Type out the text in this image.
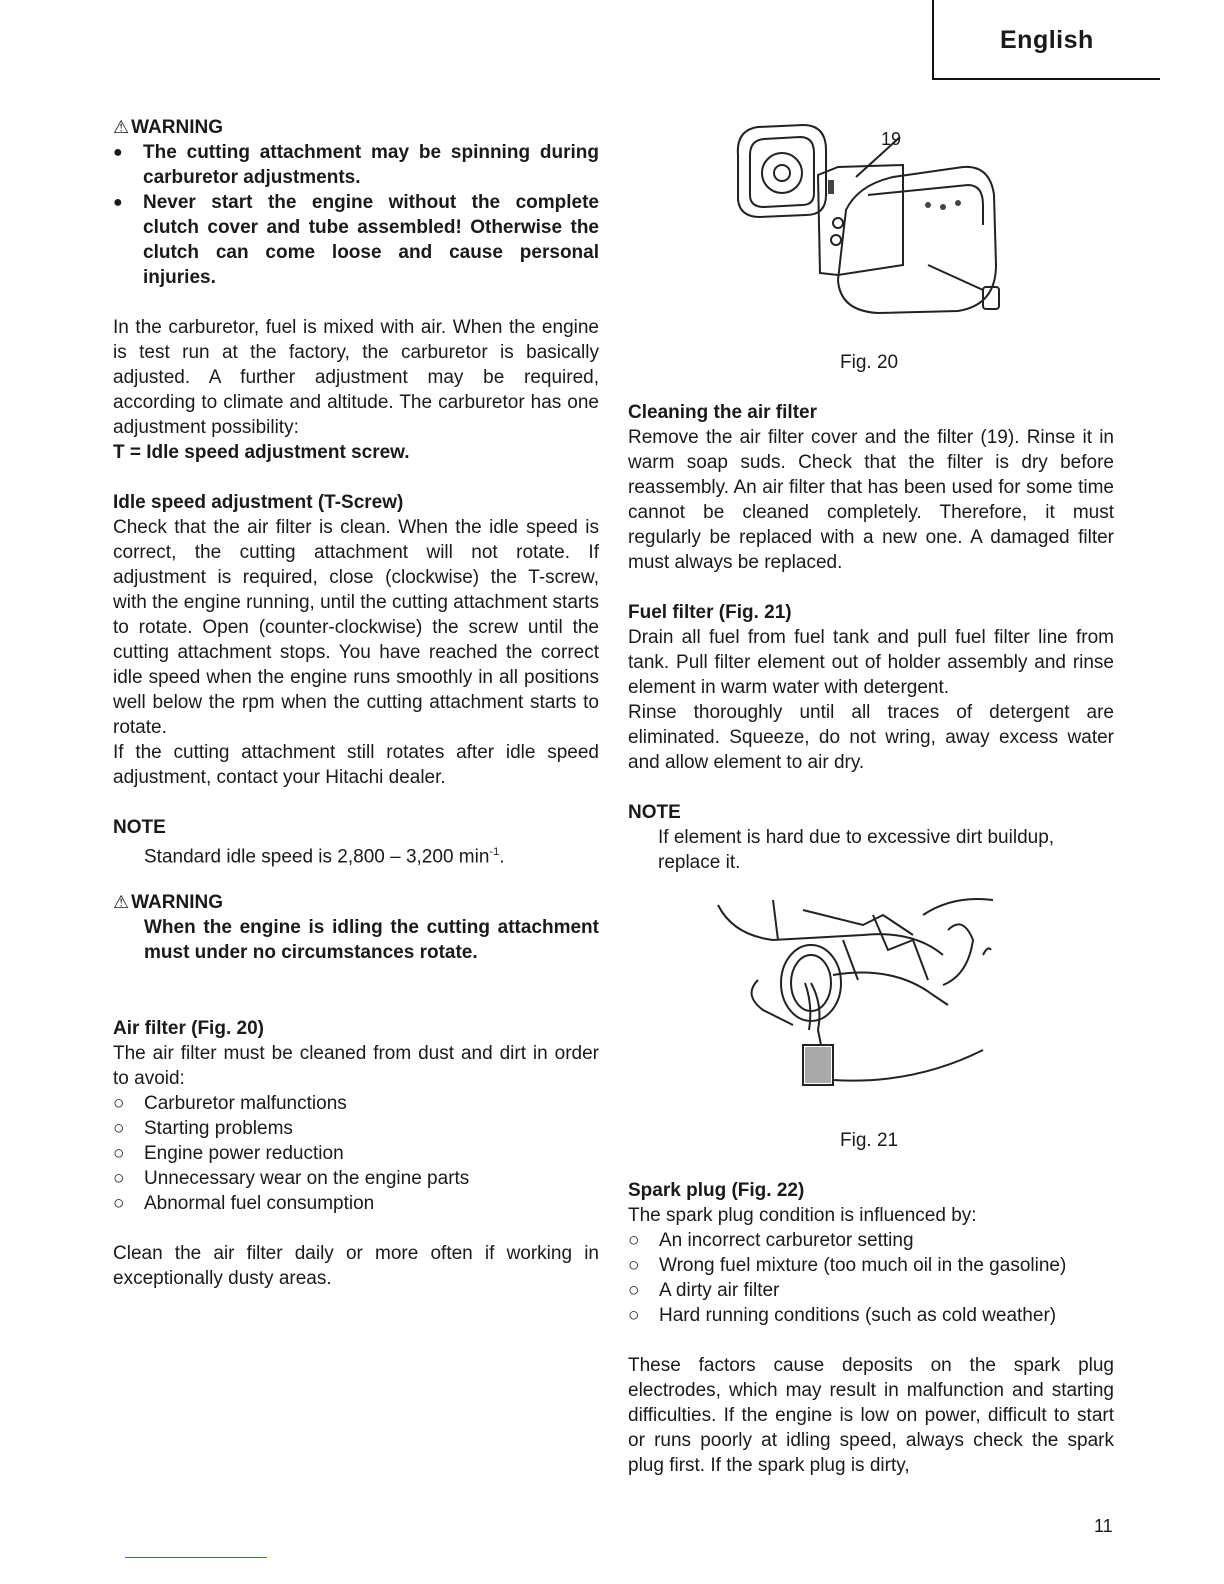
English

⚠ WARNING

●	The cutting attachment may be spinning during carburetor adjustments.
●	Never start the engine without the complete clutch cover and tube assembled! Otherwise the clutch can come loose and cause personal injuries.

In the carburetor, fuel is mixed with air. When the engine is test run at the factory, the carburetor is basically adjusted. A further adjustment may be required, according to climate and altitude. The carburetor has one adjustment possibility:

T = Idle speed adjustment screw.

Idle speed adjustment (T-Screw)

Check that the air filter is clean. When the idle speed is correct, the cutting attachment will not rotate. If adjustment is required, close (clockwise) the T-screw, with the engine running, until the cutting attachment starts to rotate. Open (counter-clockwise) the screw until the cutting attachment stops. You have reached the correct idle speed when the engine runs smoothly in all positions well below the rpm when the cutting attachment starts to rotate.

If the cutting attachment still rotates after idle speed adjustment, contact your Hitachi dealer.

NOTE

Standard idle speed is 2,800 – 3,200 $\min^{-1}$.

⚠ WARNING

When the engine is idling the cutting attachment must under no circumstances rotate.

Air filter (Fig. 20)

The air filter must be cleaned from dust and dirt in order to avoid:

○	Carburetor malfunctions
○	Starting problems
○	Engine power reduction
○	Unnecessary wear on the engine parts
○	Abnormal fuel consumption

Clean the air filter daily or more often if working in exceptionally dusty areas.

19
Fig. 20

Cleaning the air filter

Remove the air filter cover and the filter (19). Rinse it in warm soap suds. Check that the filter is dry before reassembly. An air filter that has been used for some time cannot be cleaned completely. Therefore, it must regularly be replaced with a new one. A damaged filter must always be replaced.

Fuel filter (Fig. 21)

Drain all fuel from fuel tank and pull fuel filter line from tank. Pull filter element out of holder assembly and rinse element in warm water with detergent.

Rinse thoroughly until all traces of detergent are eliminated. Squeeze, do not wring, away excess water and allow element to air dry.

NOTE

If element is hard due to excessive dirt buildup, replace it.

Fig. 21

Spark plug (Fig. 22)

The spark plug condition is influenced by:

○	An incorrect carburetor setting
○	Wrong fuel mixture (too much oil in the gasoline)
○	A dirty air filter
○	Hard running conditions (such as cold weather)

These factors cause deposits on the spark plug electrodes, which may result in malfunction and starting difficulties. If the engine is low on power, difficult to start or runs poorly at idling speed, always check the spark plug first. If the spark plug is dirty,

11
